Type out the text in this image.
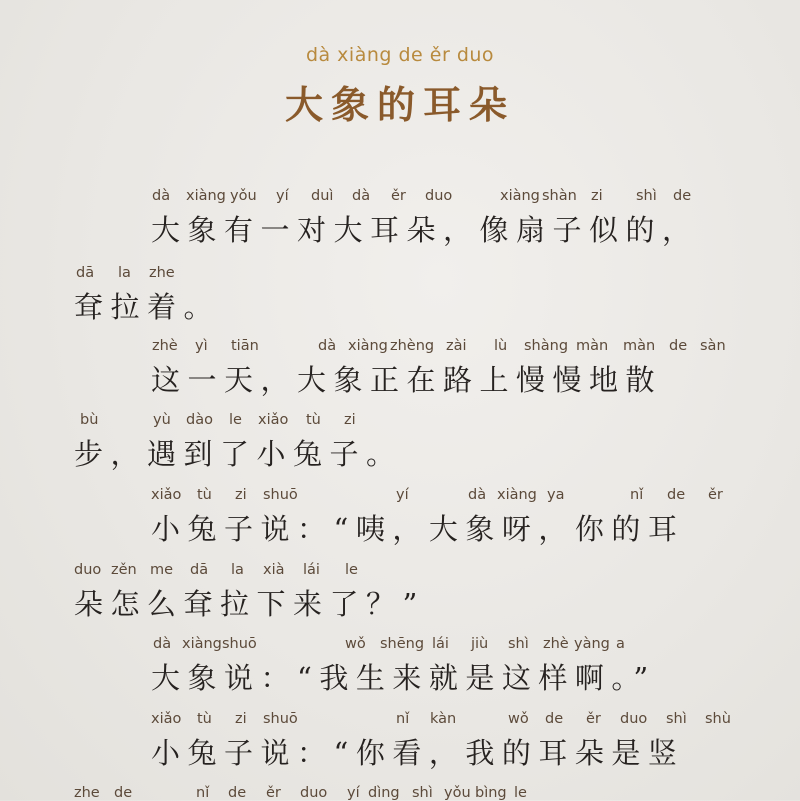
dà xiàng de ěr duo
大象的耳朵
dà xiàng yǒu yí duì dà ěr duo	xiàng shàn zi shì de
大象有一对大耳朵，像扇子似的，
dā la zhe
耷拉着。
zhè yì tiān	dà xiàng zhèng zài lù shàng màn màn de sàn
这一天，大象正在路上慢慢地散
bù	yù dào le xiǎo tù zi
步，遇到了小兔子。
xiǎo tù zi shuō	yí	dà xiàng ya	nǐ de ěr
小兔子说：“咦，大象呀，你的耳
duo zěn me dā la xià lái le
朵怎么耷拉下来了？”
dà xiàng shuō	wǒ shēng lái jiù shì zhè yàng a
大象说：“我生来就是这样啊。”
xiǎo tù zi shuō	nǐ kàn	wǒ de ěr duo shì shù
小兔子说：“你看，我的耳朵是竖
zhe de	nǐ de ěr duo yí dìng shì yǒu bìng le
